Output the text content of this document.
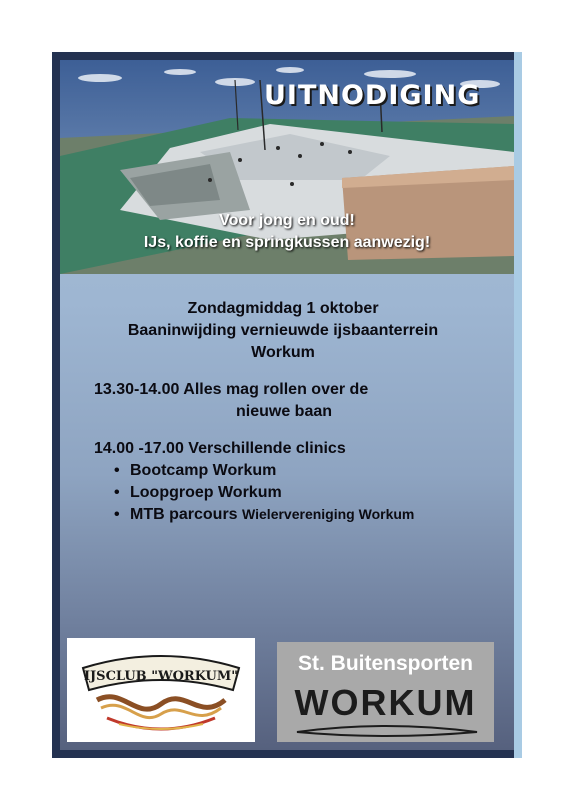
UITNODIGING
Voor jong en oud!
IJs, koffie en springkussen aanwezig!
Zondagmiddag 1 oktober
Baaninwijding vernieuwde ijsbaanterrein
Workum
13.30-14.00 Alles mag rollen over de
nieuwe baan
14.00 -17.00 Verschillende clinics
• Bootcamp Workum
• Loopgroep Workum
• MTB parcours Wielervereniging Workum
IJSCLUB "WORKUM"
St. Buitensporten
WORKUM
